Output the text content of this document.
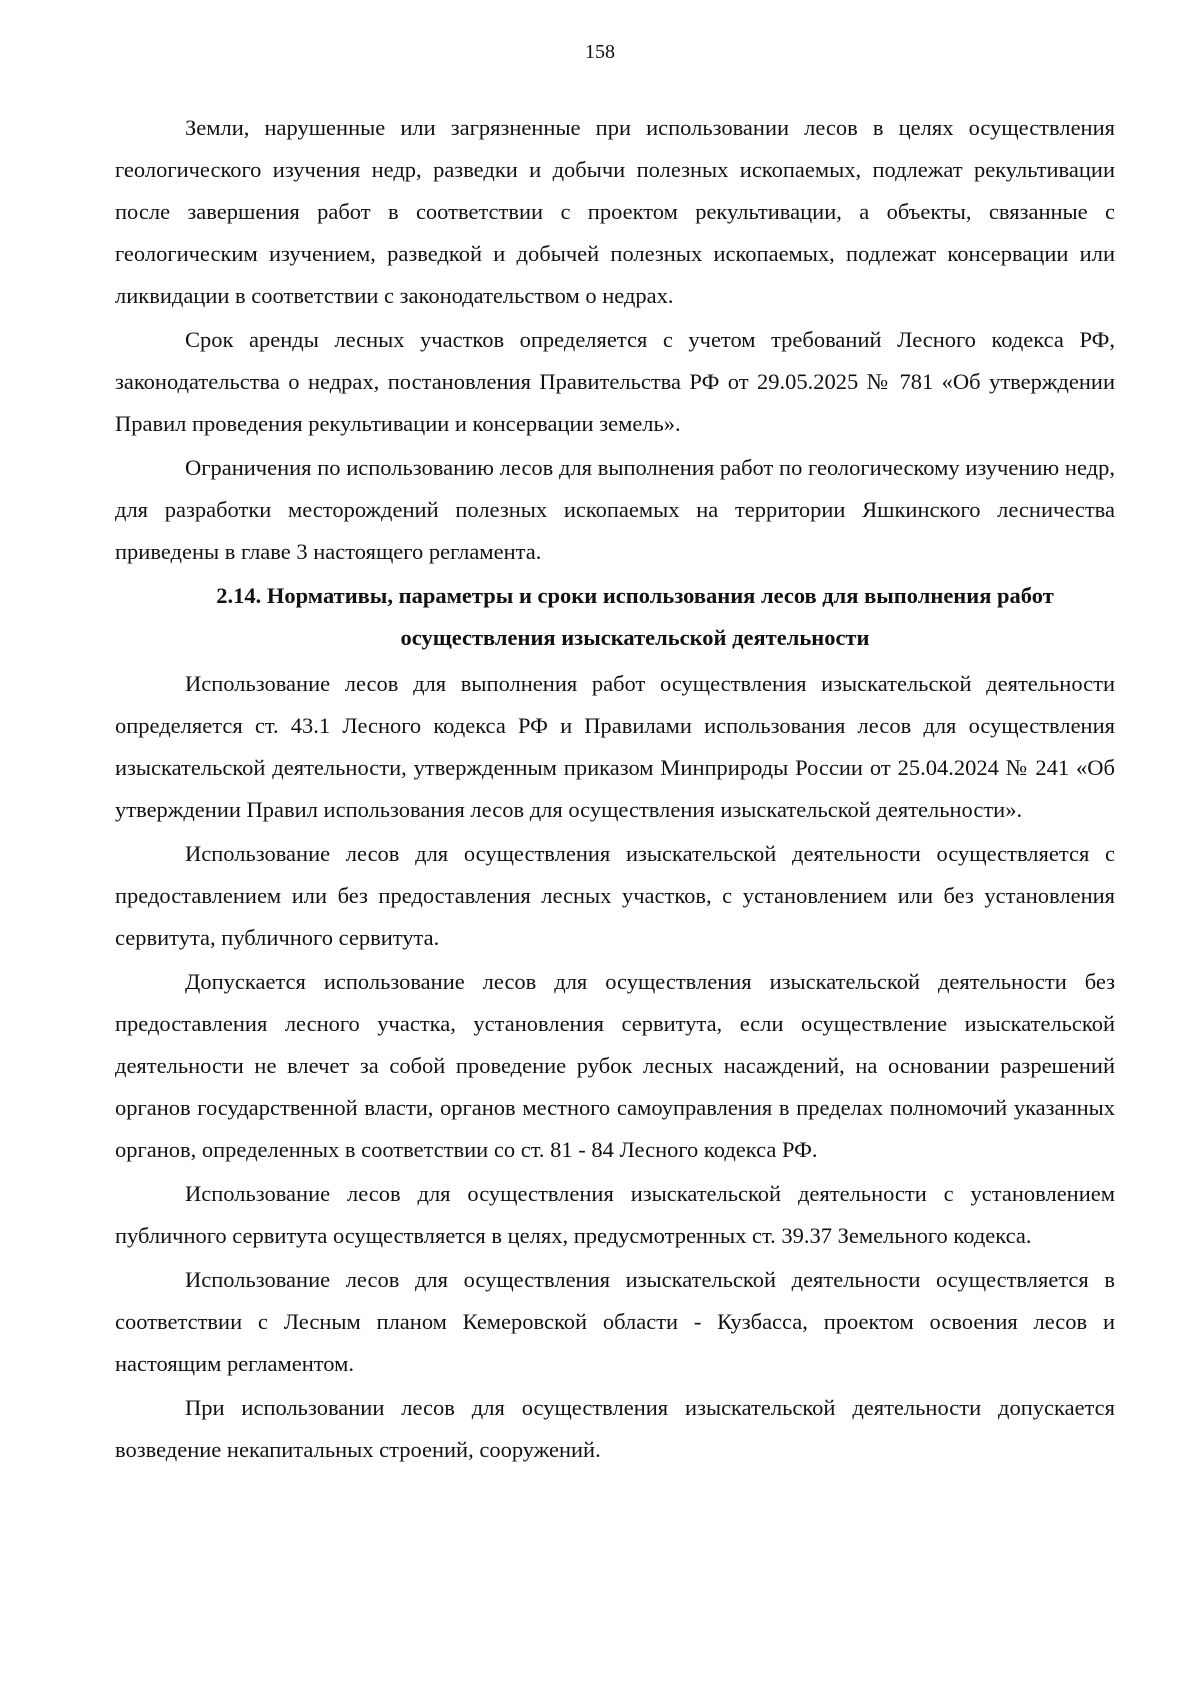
158

Земли, нарушенные или загрязненные при использовании лесов в целях осуществления геологического изучения недр, разведки и добычи полезных ископаемых, подлежат рекультивации после завершения работ в соответствии с проектом рекультивации, а объекты, связанные с геологическим изучением, разведкой и добычей полезных ископаемых, подлежат консервации или ликвидации в соответствии с законодательством о недрах.

Срок аренды лесных участков определяется с учетом требований Лесного кодекса РФ, законодательства о недрах, постановления Правительства РФ от 29.05.2025 № 781 «Об утверждении Правил проведения рекультивации и консервации земель».

Ограничения по использованию лесов для выполнения работ по геологическому изучению недр, для разработки месторождений полезных ископаемых на территории Яшкинского лесничества приведены в главе 3 настоящего регламента.

2.14. Нормативы, параметры и сроки использования лесов для выполнения работ осуществления изыскательской деятельности

Использование лесов для выполнения работ осуществления изыскательской деятельности определяется ст. 43.1 Лесного кодекса РФ и Правилами использования лесов для осуществления изыскательской деятельности, утвержденным приказом Минприроды России от 25.04.2024 № 241 «Об утверждении Правил использования лесов для осуществления изыскательской деятельности».

Использование лесов для осуществления изыскательской деятельности осуществляется с предоставлением или без предоставления лесных участков, с установлением или без установления сервитута, публичного сервитута.

Допускается использование лесов для осуществления изыскательской деятельности без предоставления лесного участка, установления сервитута, если осуществление изыскательской деятельности не влечет за собой проведение рубок лесных насаждений, на основании разрешений органов государственной власти, органов местного самоуправления в пределах полномочий указанных органов, определенных в соответствии со ст. 81 - 84 Лесного кодекса РФ.

Использование лесов для осуществления изыскательской деятельности с установлением публичного сервитута осуществляется в целях, предусмотренных ст. 39.37 Земельного кодекса.

Использование лесов для осуществления изыскательской деятельности осуществляется в соответствии с Лесным планом Кемеровской области - Кузбасса, проектом освоения лесов и настоящим регламентом.

При использовании лесов для осуществления изыскательской деятельности допускается возведение некапитальных строений, сооружений.
